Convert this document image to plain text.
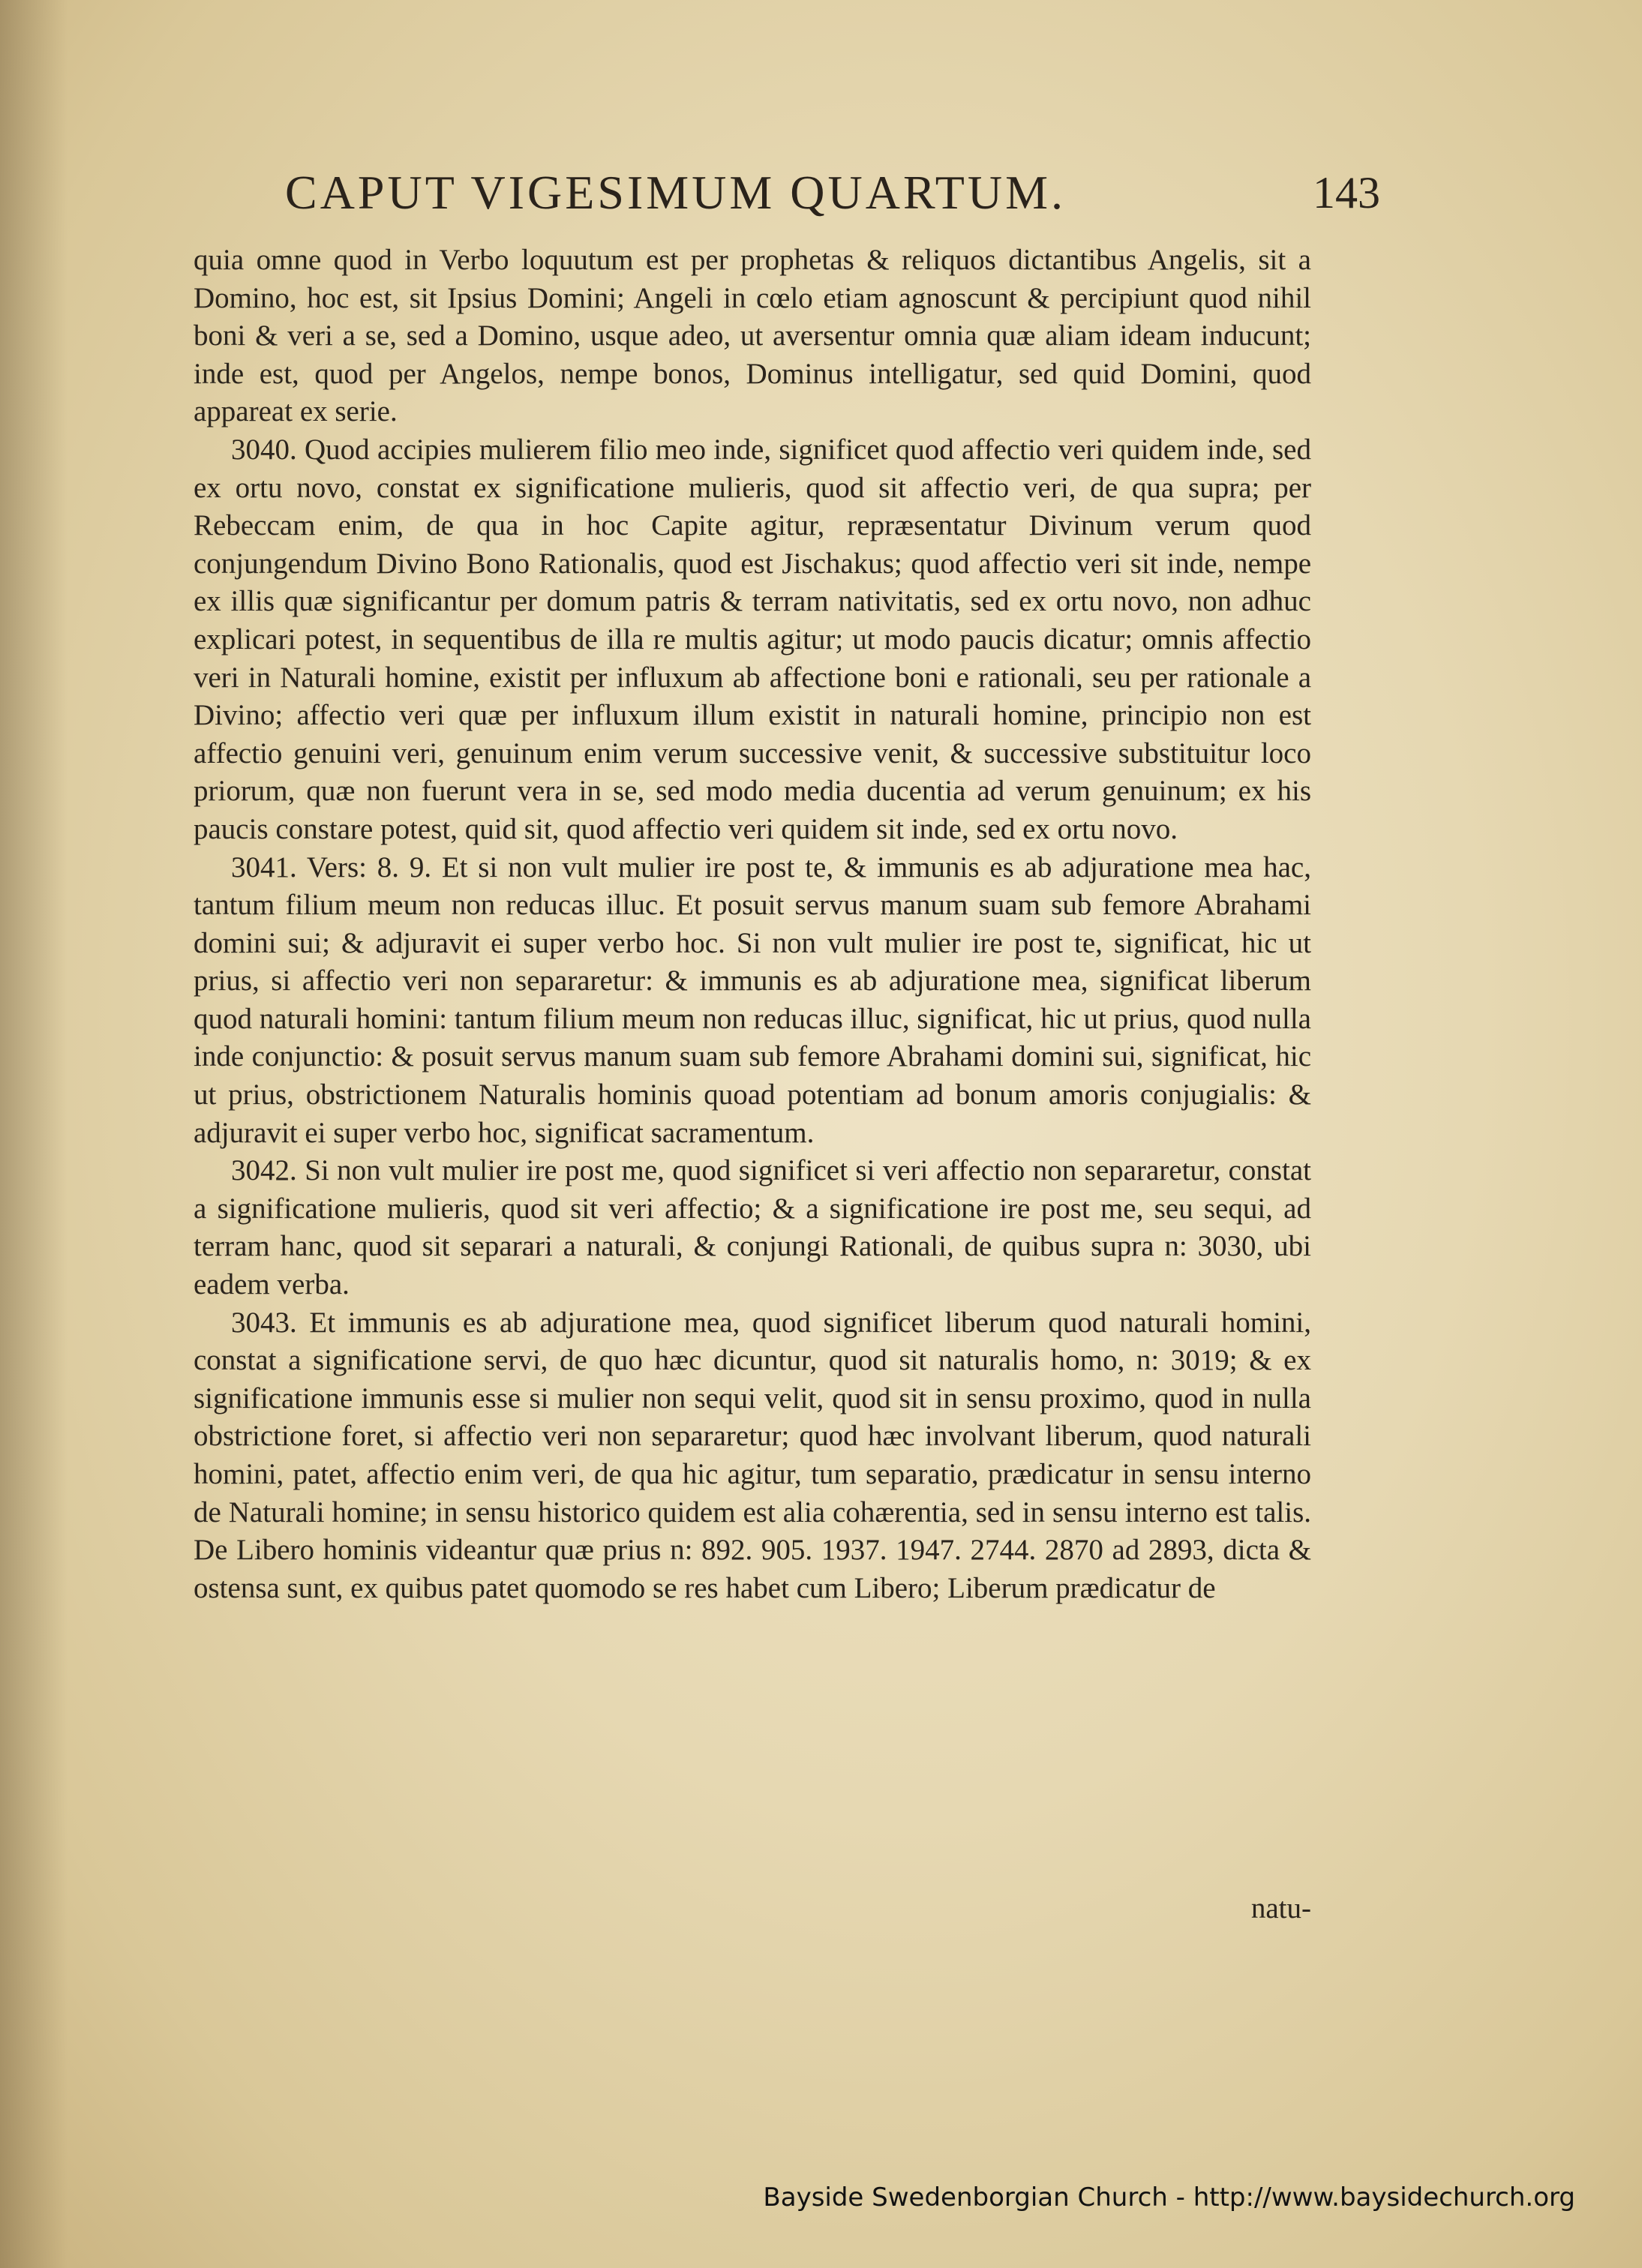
CAPUT VIGESIMUM QUARTUM.	143

quia omne quod in Verbo loquutum est per prophetas & reliquos dictantibus Angelis, sit a Domino, hoc est, sit Ipsius Domini; Angeli in cœlo etiam agnoscunt & percipiunt quod nihil boni & veri a se, sed a Domino, usque adeo, ut aversentur omnia quæ aliam ideam inducunt; inde est, quod per Angelos, nempe bonos, Dominus intelligatur, sed quid Domini, quod appareat ex serie.

3040. Quod accipies mulierem filio meo inde, significet quod affectio veri quidem inde, sed ex ortu novo, constat ex significatione mulieris, quod sit affectio veri, de qua supra; per Rebeccam enim, de qua in hoc Capite agitur, repræsentatur Divinum verum quod conjungendum Divino Bono Rationalis, quod est Jischakus; quod affectio veri sit inde, nempe ex illis quæ significantur per domum patris & terram nativitatis, sed ex ortu novo, non adhuc explicari potest, in sequentibus de illa re multis agitur; ut modo paucis dicatur; omnis affectio veri in Naturali homine, existit per influxum ab affectione boni e rationali, seu per rationale a Divino; affectio veri quæ per influxum illum existit in naturali homine, principio non est affectio genuini veri, genuinum enim verum successive venit, & successive substituitur loco priorum, quæ non fuerunt vera in se, sed modo media ducentia ad verum genuinum; ex his paucis constare potest, quid sit, quod affectio veri quidem sit inde, sed ex ortu novo.

3041. Vers: 8. 9. Et si non vult mulier ire post te, & immunis es ab adjuratione mea hac, tantum filium meum non reducas illuc. Et posuit servus manum suam sub femore Abrahami domini sui; & adjuravit ei super verbo hoc. Si non vult mulier ire post te, significat, hic ut prius, si affectio veri non separaretur: & immunis es ab adjuratione mea, significat liberum quod naturali homini: tantum filium meum non reducas illuc, significat, hic ut prius, quod nulla inde conjunctio: & posuit servus manum suam sub femore Abrahami domini sui, significat, hic ut prius, obstrictionem Naturalis hominis quoad potentiam ad bonum amoris conjugialis: & adjuravit ei super verbo hoc, significat sacramentum.

3042. Si non vult mulier ire post me, quod significet si veri affectio non separaretur, constat a significatione mulieris, quod sit veri affectio; & a significatione ire post me, seu sequi, ad terram hanc, quod sit separari a naturali, & conjungi Rationali, de quibus supra n: 3030, ubi eadem verba.

3043. Et immunis es ab adjuratione mea, quod significet liberum quod naturali homini, constat a significatione servi, de quo hæc dicuntur, quod sit naturalis homo, n: 3019; & ex significatione immunis esse si mulier non sequi velit, quod sit in sensu proximo, quod in nulla obstrictione foret, si affectio veri non separaretur; quod hæc involvant liberum, quod naturali homini, patet, affectio enim veri, de qua hic agitur, tum separatio, prædicatur in sensu interno de Naturali homine; in sensu historico quidem est alia cohærentia, sed in sensu interno est talis. De Libero hominis videantur quæ prius n: 892. 905. 1937. 1947. 2744. 2870 ad 2893, dicta & ostensa sunt, ex quibus patet quomodo se res habet cum Libero; Liberum prædicatur de

natu-
Bayside Swedenborgian Church - http://www.baysidechurch.org
